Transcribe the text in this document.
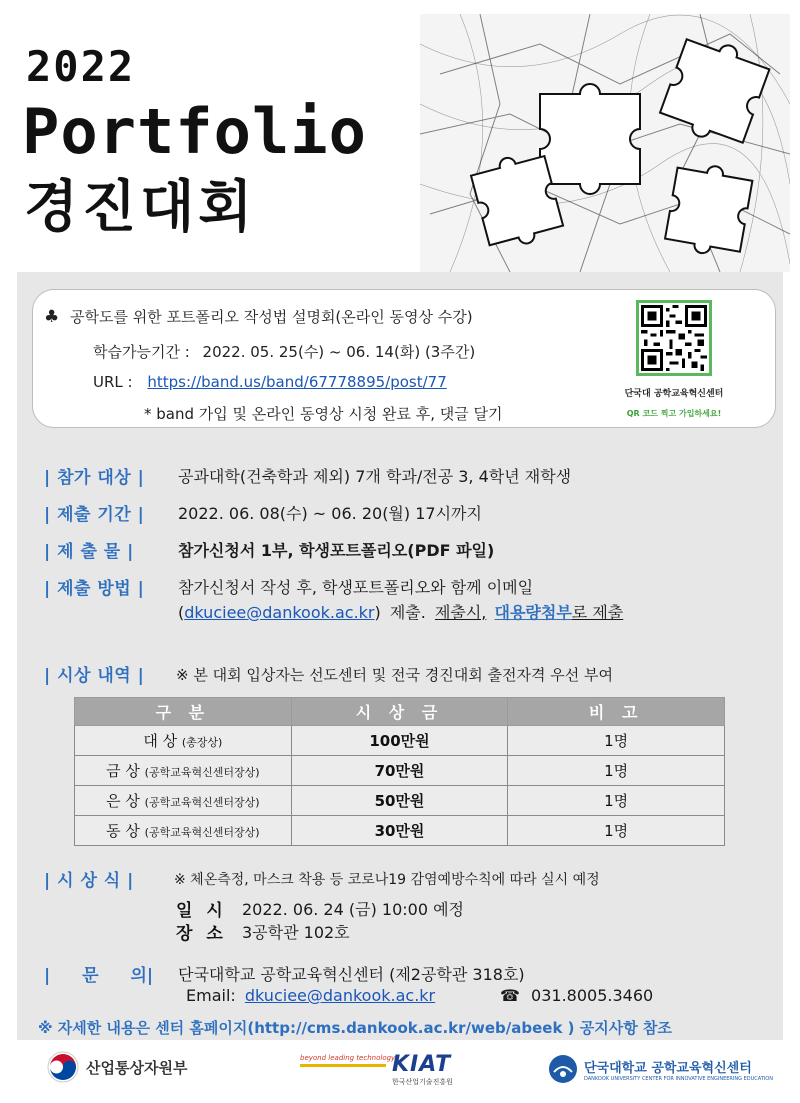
2022
Portfolio
경진대회
♣ 공학도를 위한 포트폴리오 작성법 설명회(온라인 동영상 수강)
학습가능기간 : 2022. 05. 25(수) ~ 06. 14(화) (3주간)
URL : https://band.us/band/67778895/post/77
* band 가입 및 온라인 동영상 시청 완료 후, 댓글 달기
단국대 공학교육혁신센터
QR 코드 찍고 가입하세요!
| 참가 대상 | 공과대학(건축학과 제외) 7개 학과/전공 3, 4학년 재학생
| 제출 기간 | 2022. 06. 08(수) ~ 06. 20(월) 17시까지
| 제 출 물 |	참가신청서 1부, 학생포트폴리오(PDF 파일)
| 제출 방법 | 참가신청서 작성 후, 학생포트폴리오와 함께 이메일
(dkuciee@dankook.ac.kr) 제출. 제출시, 대용량첨부로 제출
| 시상 내역 | ※ 본 대회 입상자는 선도센터 및 전국 경진대회 출전자격 우선 부여
구 분	시 상 금	비 고
대 상 (총장상)	100만원	1명
금 상 (공학교육혁신센터장상)	70만원	1명
은 상 (공학교육혁신센터장상)	50만원	1명
동 상 (공학교육혁신센터장상)	30만원	1명
| 시 상 식 |	※ 체온측정, 마스크 착용 등 코로나19 감염예방수칙에 따라 실시 예정
일 시 2022. 06. 24 (금) 10:00 예정
장 소 3공학관 102호
| 문 의| 단국대학교 공학교육혁신센터 (제2공학관 318호)
Email: dkuciee@dankook.ac.kr	☎ 031.8005.3460
※ 자세한 내용은 센터 홈페이지(http://cms.dankook.ac.kr/web/abeek ) 공지사항 참조
산업통상자원부
beyond leading technology
KIAT
한국산업기술진흥원
단국대학교 공학교육혁신센터
DANKOOK UNIVERSITY CENTER FOR INNOVATIVE ENGINEERING EDUCATION
